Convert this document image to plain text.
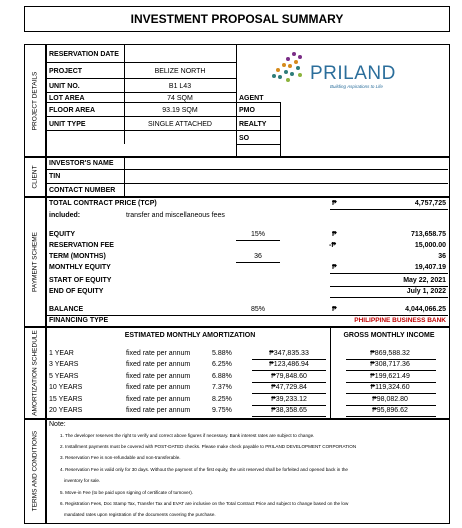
INVESTMENT PROPOSAL SUMMARY
PROJECT DETAILS
CLIENT
PAYMENT SCHEME
AMORTIZATION SCHEDULE
TERMS AND CONDITIONS
RESERVATION DATE
PROJECT	BELIZE NORTH
UNIT NO.	B1 L43
LOT AREA	74 SQM	AGENT
FLOOR AREA	93.19 SQM	PMO
UNIT TYPE	SINGLE ATTACHED	REALTY
SO
PRILAND
Building Aspirations to Life
INVESTOR'S NAME
TIN
CONTACT NUMBER
TOTAL CONTRACT PRICE (TCP)	₱	4,757,725
included:	transfer and miscellaneous fees
EQUITY	15%	₱	713,658.75
RESERVATION FEE	-₱	15,000.00
TERM (MONTHS)	36	36
MONTHLY EQUITY	₱	19,407.19
START OF EQUITY	May 22, 2021
END OF EQUITY	July 1, 2022
BALANCE	85%	₱	4,044,066.25
FINANCING TYPE	PHILIPPINE BUSINESS BANK
ESTIMATED MONTHLY AMORTIZATION	GROSS MONTHLY INCOME
1 YEAR	fixed rate per annum	5.88%	₱347,835.33	₱869,588.32
3 YEARS	fixed rate per annum	6.25%	₱123,486.94	₱308,717.36
5 YEARS	fixed rate per annum	6.88%	₱79,848.60	₱199,621.49
10 YEARS	fixed rate per annum	7.37%	₱47,729.84	₱119,324.60
15 YEARS	fixed rate per annum	8.25%	₱39,233.12	₱98,082.80
20 YEARS	fixed rate per annum	9.75%	₱38,358.65	₱95,896.62
Note:
1. The developer reserves the right to verify and correct above figures if necessary. Bank interest rates are subject to change.
2. Installment payments must be covered with POST-DATED checks. Please make check payable to PRILAND DEVELOPMENT CORPORATION
3. Reservation Fee is non-refundable and non-transferable.
4. Reservation Fee is valid only for 30 days. Without the payment of the first equity, the unit reserved shall be forfeited and opened back in the
inventory for sale.
5. Move-in Fee (to be paid upon signing of certificate of turnover).
6. Registration Fees, Doc Stamp Tax, Transfer Tax and EVAT are inclusive on the Total Contract Price and subject to change based on the low
mandated rates upon registration of the documents covering the purchase.
